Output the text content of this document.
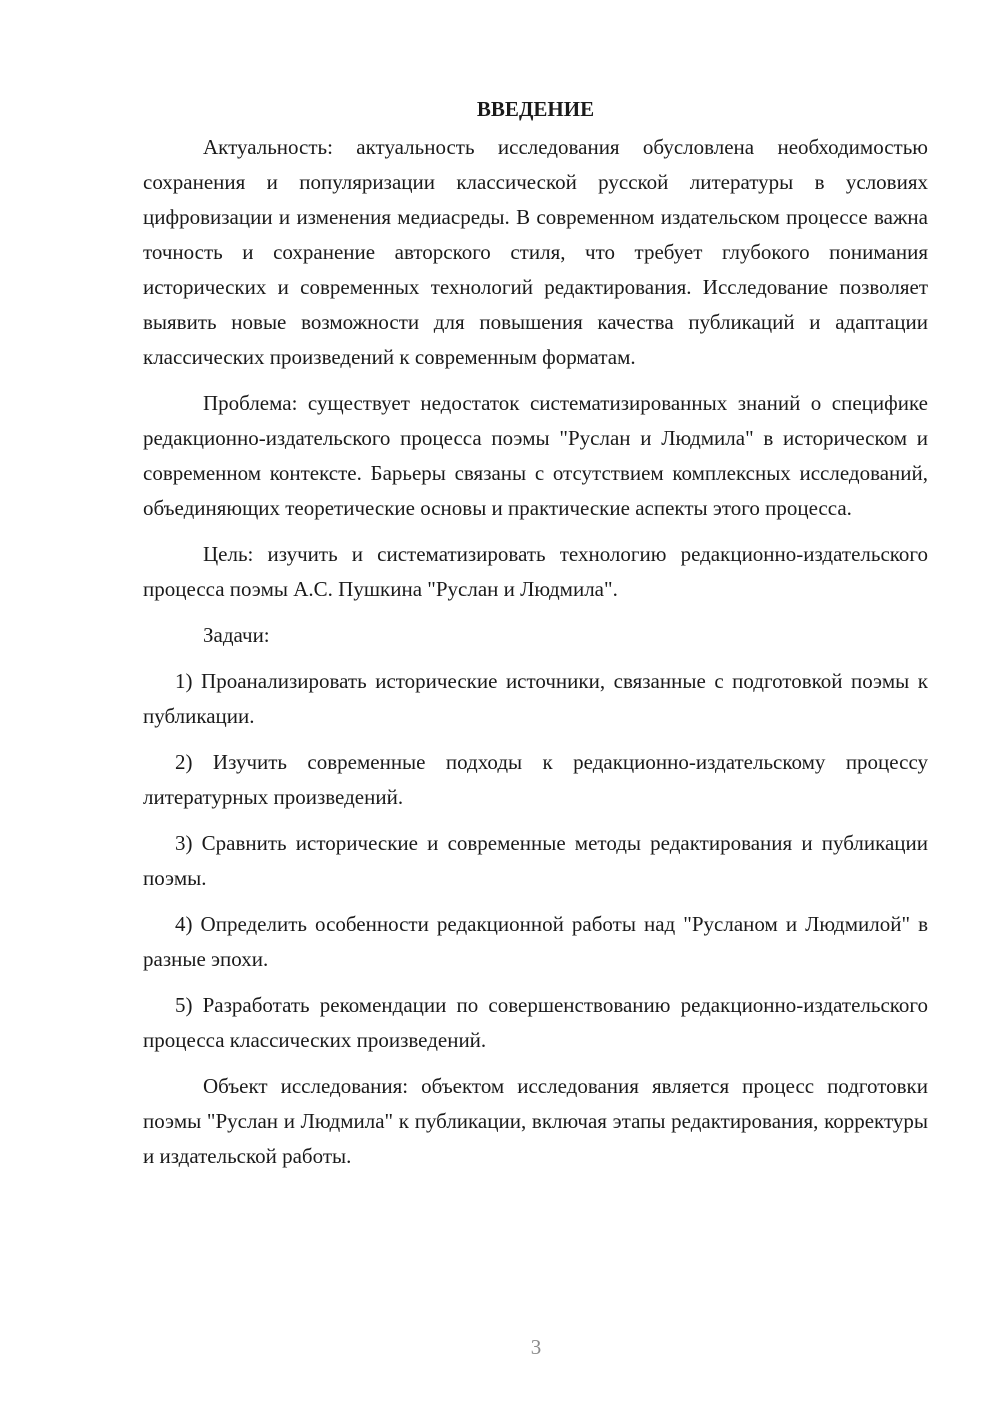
ВВЕДЕНИЕ

Актуальность: актуальность исследования обусловлена необходимостью сохранения и популяризации классической русской литературы в условиях цифровизации и изменения медиасреды. В современном издательском процессе важна точность и сохранение авторского стиля, что требует глубокого понимания исторических и современных технологий редактирования. Исследование позволяет выявить новые возможности для повышения качества публикаций и адаптации классических произведений к современным форматам.

Проблема: существует недостаток систематизированных знаний о специфике редакционно-издательского процесса поэмы "Руслан и Людмила" в историческом и современном контексте. Барьеры связаны с отсутствием комплексных исследований, объединяющих теоретические основы и практические аспекты этого процесса.

Цель: изучить и систематизировать технологию редакционно-издательского процесса поэмы А.С. Пушкина "Руслан и Людмила".

Задачи:

1) Проанализировать исторические источники, связанные с подготовкой поэмы к публикации.

2) Изучить современные подходы к редакционно-издательскому процессу литературных произведений.

3) Сравнить исторические и современные методы редактирования и публикации поэмы.

4) Определить особенности редакционной работы над "Русланом и Людмилой" в разные эпохи.

5) Разработать рекомендации по совершенствованию редакционно-издательского процесса классических произведений.

Объект исследования: объектом исследования является процесс подготовки поэмы "Руслан и Людмила" к публикации, включая этапы редактирования, корректуры и издательской работы.

3
